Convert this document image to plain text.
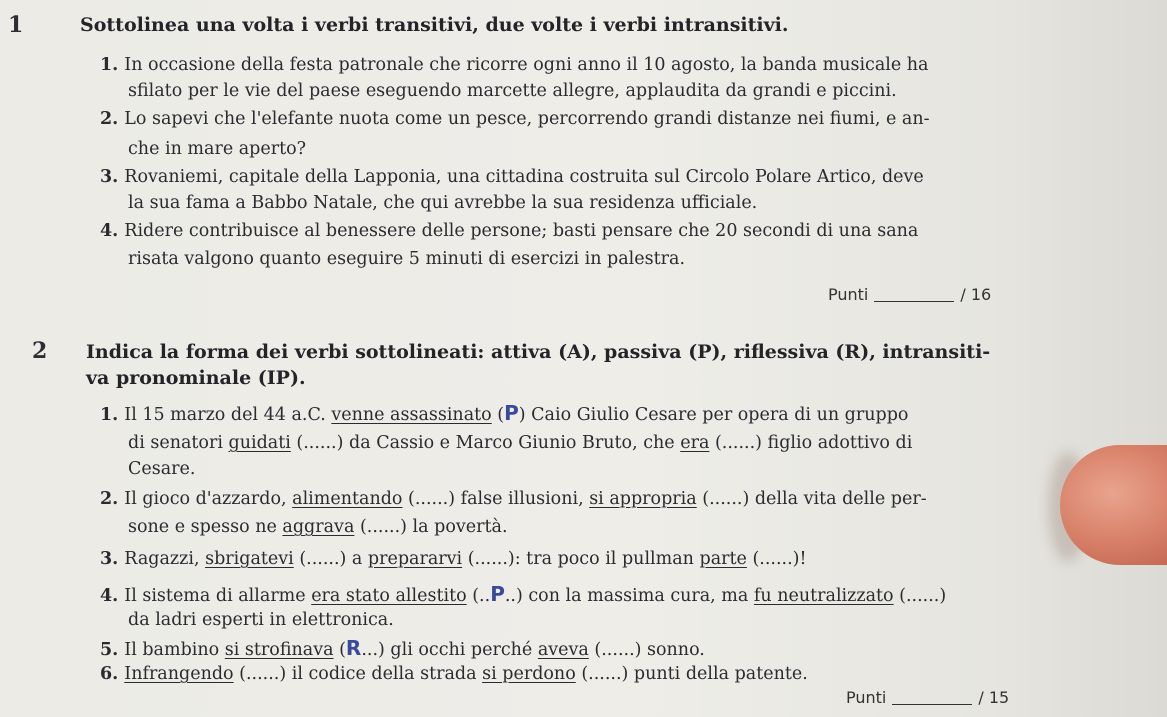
1	Sottolinea una volta i verbi transitivi, due volte i verbi intransitivi.
1. In occasione della festa patronale che ricorre ogni anno il 10 agosto, la banda musicale ha
sfilato per le vie del paese eseguendo marcette allegre, applaudita da grandi e piccini.
2. Lo sapevi che l'elefante nuota come un pesce, percorrendo grandi distanze nei fiumi, e an-
che in mare aperto?
3. Rovaniemi, capitale della Lapponia, una cittadina costruita sul Circolo Polare Artico, deve
la sua fama a Babbo Natale, che qui avrebbe la sua residenza ufficiale.
4. Ridere contribuisce al benessere delle persone; basti pensare che 20 secondi di una sana
risata valgono quanto eseguire 5 minuti di esercizi in palestra.
Punti	/ 16
2 Indica la forma dei verbi sottolineati: attiva (A), passiva (P), riflessiva (R), intransiti-
va pronominale (IP).
1. Il 15 marzo del 44 a.C. venne assassinato (P) Caio Giulio Cesare per opera di un gruppo
di senatori guidati (......) da Cassio e Marco Giunio Bruto, che era (......) figlio adottivo di
Cesare.
2. Il gioco d'azzardo, alimentando (......) false illusioni, si appropria (......) della vita delle per-
sone e spesso ne aggrava (......) la povertà.
3. Ragazzi, sbrigatevi (......) a prepararvi (......): tra poco il pullman parte (......)!
4. Il sistema di allarme era stato allestito (..P..) con la massima cura, ma fu neutralizzato (......)
da ladri esperti in elettronica.
5. Il bambino si strofinava (R...) gli occhi perché aveva (......) sonno.
6. Infrangendo (......) il codice della strada si perdono (......) punti della patente.
Punti	/ 15
